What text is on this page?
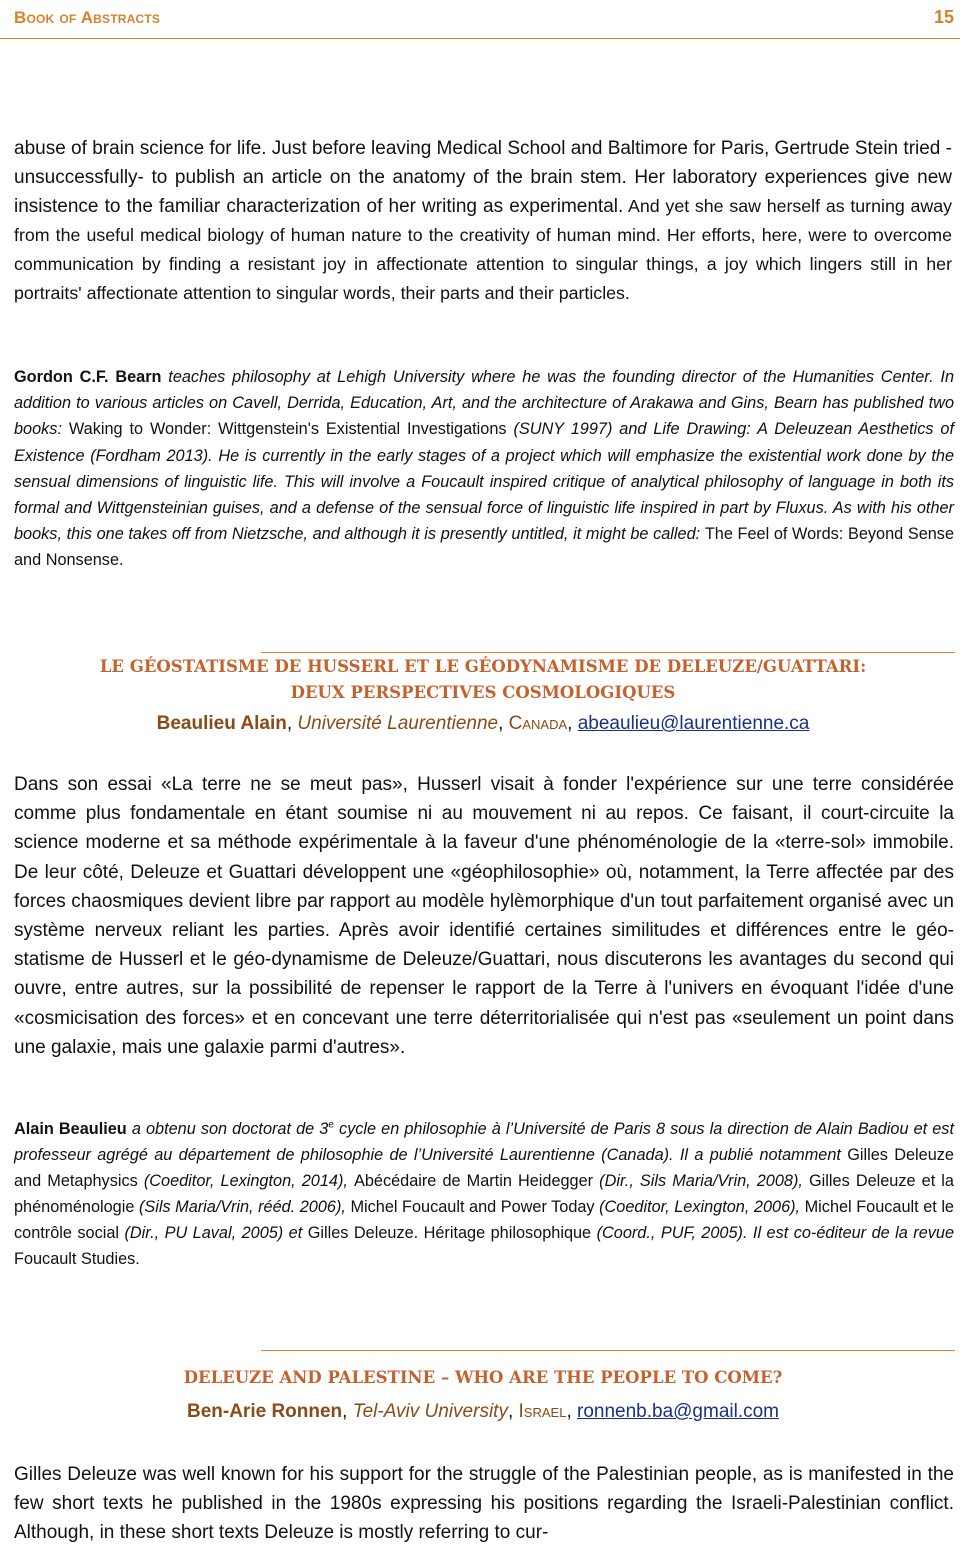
Book of Abstracts	15
abuse of brain science for life. Just before leaving Medical School and Baltimore for Paris, Gertrude Stein tried -unsuccessfully- to publish an article on the anatomy of the brain stem. Her laboratory experiences give new insistence to the familiar characterization of her writing as experimental. And yet she saw herself as turning away from the useful medical biology of human nature to the creativity of human mind. Her efforts, here, were to overcome communication by finding a resistant joy in affectionate attention to singular things, a joy which lingers still in her portraits' affectionate attention to singular words, their parts and their particles.
Gordon C.F. Bearn teaches philosophy at Lehigh University where he was the founding director of the Humanities Center. In addition to various articles on Cavell, Derrida, Education, Art, and the architecture of Arakawa and Gins, Bearn has published two books: Waking to Wonder: Wittgenstein's Existential Investigations (SUNY 1997) and Life Drawing: A Deleuzean Aesthetics of Existence (Fordham 2013). He is currently in the early stages of a project which will emphasize the existential work done by the sensual dimensions of linguistic life. This will involve a Foucault inspired critique of analytical philosophy of language in both its formal and Wittgensteinian guises, and a defense of the sensual force of linguistic life inspired in part by Fluxus. As with his other books, this one takes off from Nietzsche, and although it is presently untitled, it might be called: The Feel of Words: Beyond Sense and Nonsense.
LE GÉOSTATISME DE HUSSERL ET LE GÉODYNAMISME DE DELEUZE/GUATTARI:
DEUX PERSPECTIVES COSMOLOGIQUES
Beaulieu Alain, Université Laurentienne, Canada, abeaulieu@laurentienne.ca
Dans son essai «La terre ne se meut pas», Husserl visait à fonder l'expérience sur une terre considérée comme plus fondamentale en étant soumise ni au mouvement ni au repos. Ce faisant, il court-circuite la science moderne et sa méthode expérimentale à la faveur d'une phénoménologie de la «terre-sol» immobile. De leur côté, Deleuze et Guattari développent une «géophilosophie» où, notamment, la Terre affectée par des forces chaosmiques devient libre par rapport au modèle hylèmorphique d'un tout parfaitement organisé avec un système nerveux reliant les parties. Après avoir identifié certaines similitudes et différences entre le géo-statisme de Husserl et le géo-dynamisme de Deleuze/Guattari, nous discuterons les avantages du second qui ouvre, entre autres, sur la possibilité de repenser le rapport de la Terre à l'univers en évoquant l'idée d'une «cosmicisation des forces» et en concevant une terre déterritorialisée qui n'est pas «seulement un point dans une galaxie, mais une galaxie parmi d'autres».
Alain Beaulieu a obtenu son doctorat de 3e cycle en philosophie à l’Université de Paris 8 sous la direction de Alain Badiou et est professeur agrégé au département de philosophie de l’Université Laurentienne (Canada). Il a publié notamment Gilles Deleuze and Metaphysics (Coeditor, Lexington, 2014), Abécédaire de Martin Heidegger (Dir., Sils Maria/Vrin, 2008), Gilles Deleuze et la phénoménologie (Sils Maria/Vrin, rééd. 2006), Michel Foucault and Power Today (Coeditor, Lexington, 2006), Michel Foucault et le contrôle social (Dir., PU Laval, 2005) et Gilles Deleuze. Héritage philosophique (Coord., PUF, 2005). Il est co-éditeur de la revue Foucault Studies.
DELEUZE AND PALESTINE – WHO ARE THE PEOPLE TO COME?
Ben-Arie Ronnen, Tel-Aviv University, Israel, ronnenb.ba@gmail.com
Gilles Deleuze was well known for his support for the struggle of the Palestinian people, as is manifested in the few short texts he published in the 1980s expressing his positions regarding the Israeli-Palestinian conflict. Although, in these short texts Deleuze is mostly referring to cur-
